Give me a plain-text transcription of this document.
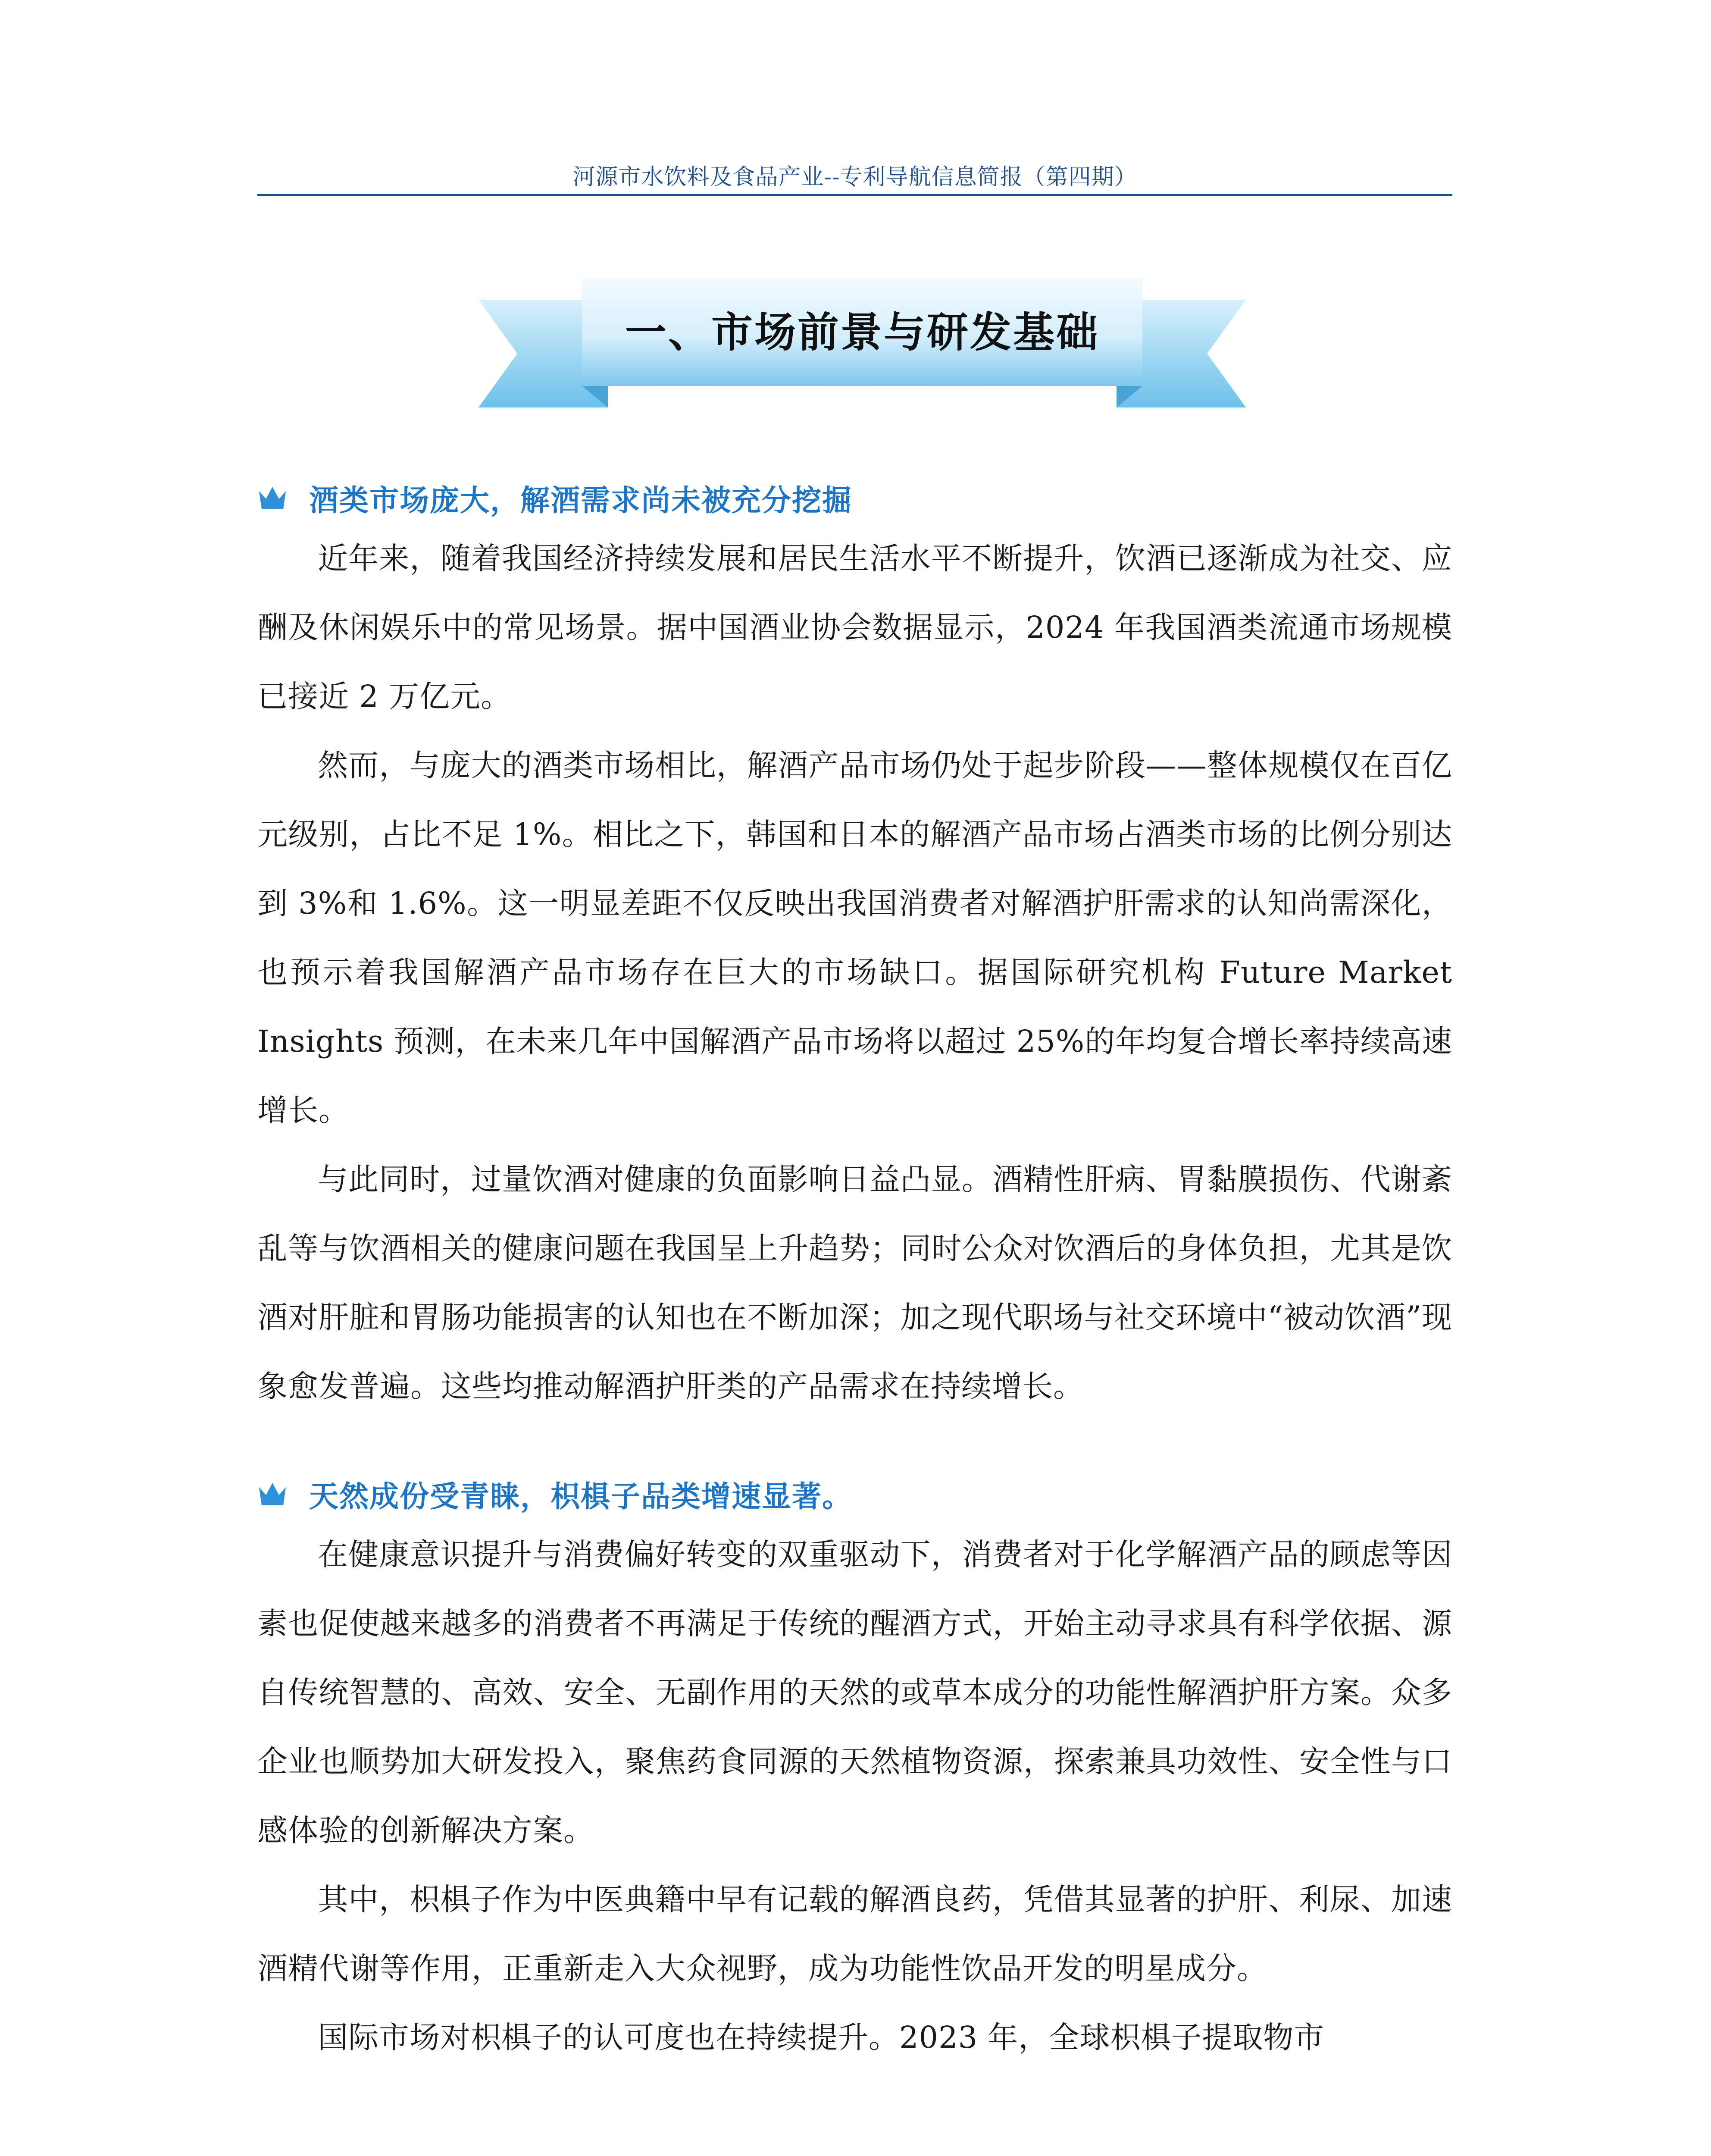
河源市水饮料及食品产业--专利导航信息简报（第四期）
一、市场前景与研发基础
酒类市场庞大，解酒需求尚未被充分挖掘

近年来，随着我国经济持续发展和居民生活水平不断提升，饮酒已逐渐成为社交、应酬及休闲娱乐中的常见场景。据中国酒业协会数据显示，2024 年我国酒类流通市场规模已接近 2 万亿元。

然而，与庞大的酒类市场相比，解酒产品市场仍处于起步阶段——整体规模仅在百亿元级别，占比不足 1%。相比之下，韩国和日本的解酒产品市场占酒类市场的比例分别达到 3%和 1.6%。这一明显差距不仅反映出我国消费者对解酒护肝需求的认知尚需深化，也预示着我国解酒产品市场存在巨大的市场缺口。据国际研究机构 Future Market Insights 预测，在未来几年中国解酒产品市场将以超过 25%的年均复合增长率持续高速增长。

与此同时，过量饮酒对健康的负面影响日益凸显。酒精性肝病、胃黏膜损伤、代谢紊乱等与饮酒相关的健康问题在我国呈上升趋势；同时公众对饮酒后的身体负担，尤其是饮酒对肝脏和胃肠功能损害的认知也在不断加深；加之现代职场与社交环境中“被动饮酒”现象愈发普遍。这些均推动解酒护肝类的产品需求在持续增长。

天然成份受青睐，枳椇子品类增速显著。

在健康意识提升与消费偏好转变的双重驱动下，消费者对于化学解酒产品的顾虑等因素也促使越来越多的消费者不再满足于传统的醒酒方式，开始主动寻求具有科学依据、源自传统智慧的、高效、安全、无副作用的天然的或草本成分的功能性解酒护肝方案。众多企业也顺势加大研发投入，聚焦药食同源的天然植物资源，探索兼具功效性、安全性与口感体验的创新解决方案。

其中，枳椇子作为中医典籍中早有记载的解酒良药，凭借其显著的护肝、利尿、加速酒精代谢等作用，正重新走入大众视野，成为功能性饮品开发的明星成分。

国际市场对枳椇子的认可度也在持续提升。2023 年，全球枳椇子提取物市
